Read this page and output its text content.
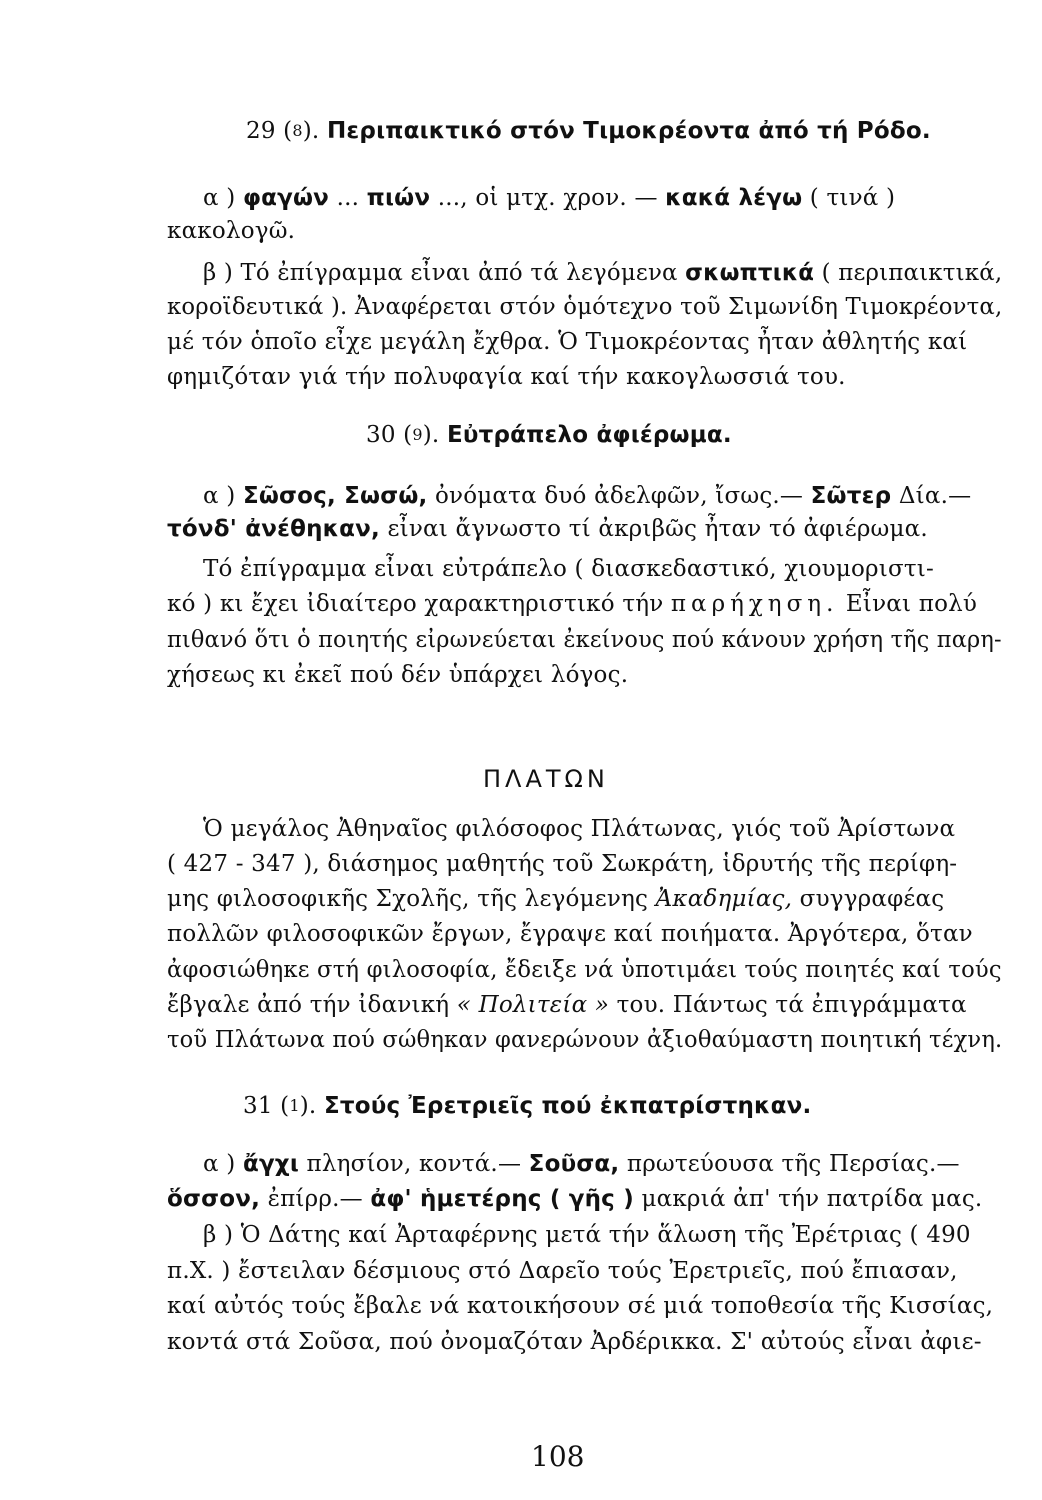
29 (8). Περιπαικτικό στόν Τιμοκρέοντα ἀπό τή Ρόδο.
α ) φαγών ... πιών ..., οἱ μτχ. χρον. — κακά λέγω ( τινά )
κακολογῶ.
β ) Τό ἐπίγραμμα εἶναι ἀπό τά λεγόμενα σκωπτικά ( περιπαικτικά,
κοροϊδευτικά ). Ἀναφέρεται στόν ὁμότεχνο τοῦ Σιμωνίδη Τιμοκρέοντα,
μέ τόν ὁποῖο εἶχε μεγάλη ἔχθρα. Ὁ Τιμοκρέοντας ἦταν ἀθλητής καί
φημιζόταν γιά τήν πολυφαγία καί τήν κακογλωσσιά του.
30 (9). Εὐτράπελο ἀφιέρωμα.
α ) Σῶσος, Σωσώ, ὀνόματα δυό ἀδελφῶν, ἴσως.— Σῶτερ Δία.—
τόνδ' ἀνέθηκαν, εἶναι ἄγνωστο τί ἀκριβῶς ἦταν τό ἀφιέρωμα.
Τό ἐπίγραμμα εἶναι εὐτράπελο ( διασκεδαστικό, χιουμοριστι-
κό ) κι ἔχει ἰδιαίτερο χαρακτηριστικό τήν παρήχηση. Εἶναι πολύ
πιθανό ὅτι ὁ ποιητής εἰρωνεύεται ἐκείνους πού κάνουν χρήση τῆς παρη-
χήσεως κι ἐκεῖ πού δέν ὑπάρχει λόγος.
ΠΛΑΤΩΝ
Ὁ μεγάλος Ἀθηναῖος φιλόσοφος Πλάτωνας, γιός τοῦ Ἀρίστωνα
( 427 - 347 ), διάσημος μαθητής τοῦ Σωκράτη, ἱδρυτής τῆς περίφη-
μης φιλοσοφικῆς Σχολῆς, τῆς λεγόμενης Ἀκαδημίας, συγγραφέας
πολλῶν φιλοσοφικῶν ἔργων, ἔγραψε καί ποιήματα. Ἀργότερα, ὅταν
ἀφοσιώθηκε στή φιλοσοφία, ἔδειξε νά ὑποτιμάει τούς ποιητές καί τούς
ἔβγαλε ἀπό τήν ἰδανική « Πολιτεία » του. Πάντως τά ἐπιγράμματα
τοῦ Πλάτωνα πού σώθηκαν φανερώνουν ἀξιοθαύμαστη ποιητική τέχνη.
31 (1). Στούς Ἐρετριεῖς πού ἐκπατρίστηκαν.
α ) ἄγχι πλησίον, κοντά.— Σοῦσα, πρωτεύουσα τῆς Περσίας.—
ὅσσον, ἐπίρρ.— ἀφ' ἡμετέρης ( γῆς ) μακριά ἀπ' τήν πατρίδα μας.
β ) Ὁ Δάτης καί Ἀρταφέρνης μετά τήν ἅλωση τῆς Ἐρέτριας ( 490
π.Χ. ) ἔστειλαν δέσμιους στό Δαρεῖο τούς Ἐρετριεῖς, πού ἔπιασαν,
καί αὐτός τούς ἔβαλε νά κατοικήσουν σέ μιά τοποθεσία τῆς Κισσίας,
κοντά στά Σοῦσα, πού ὀνομαζόταν Ἀρδέρικκα. Σ' αὐτούς εἶναι ἀφιε-
108
